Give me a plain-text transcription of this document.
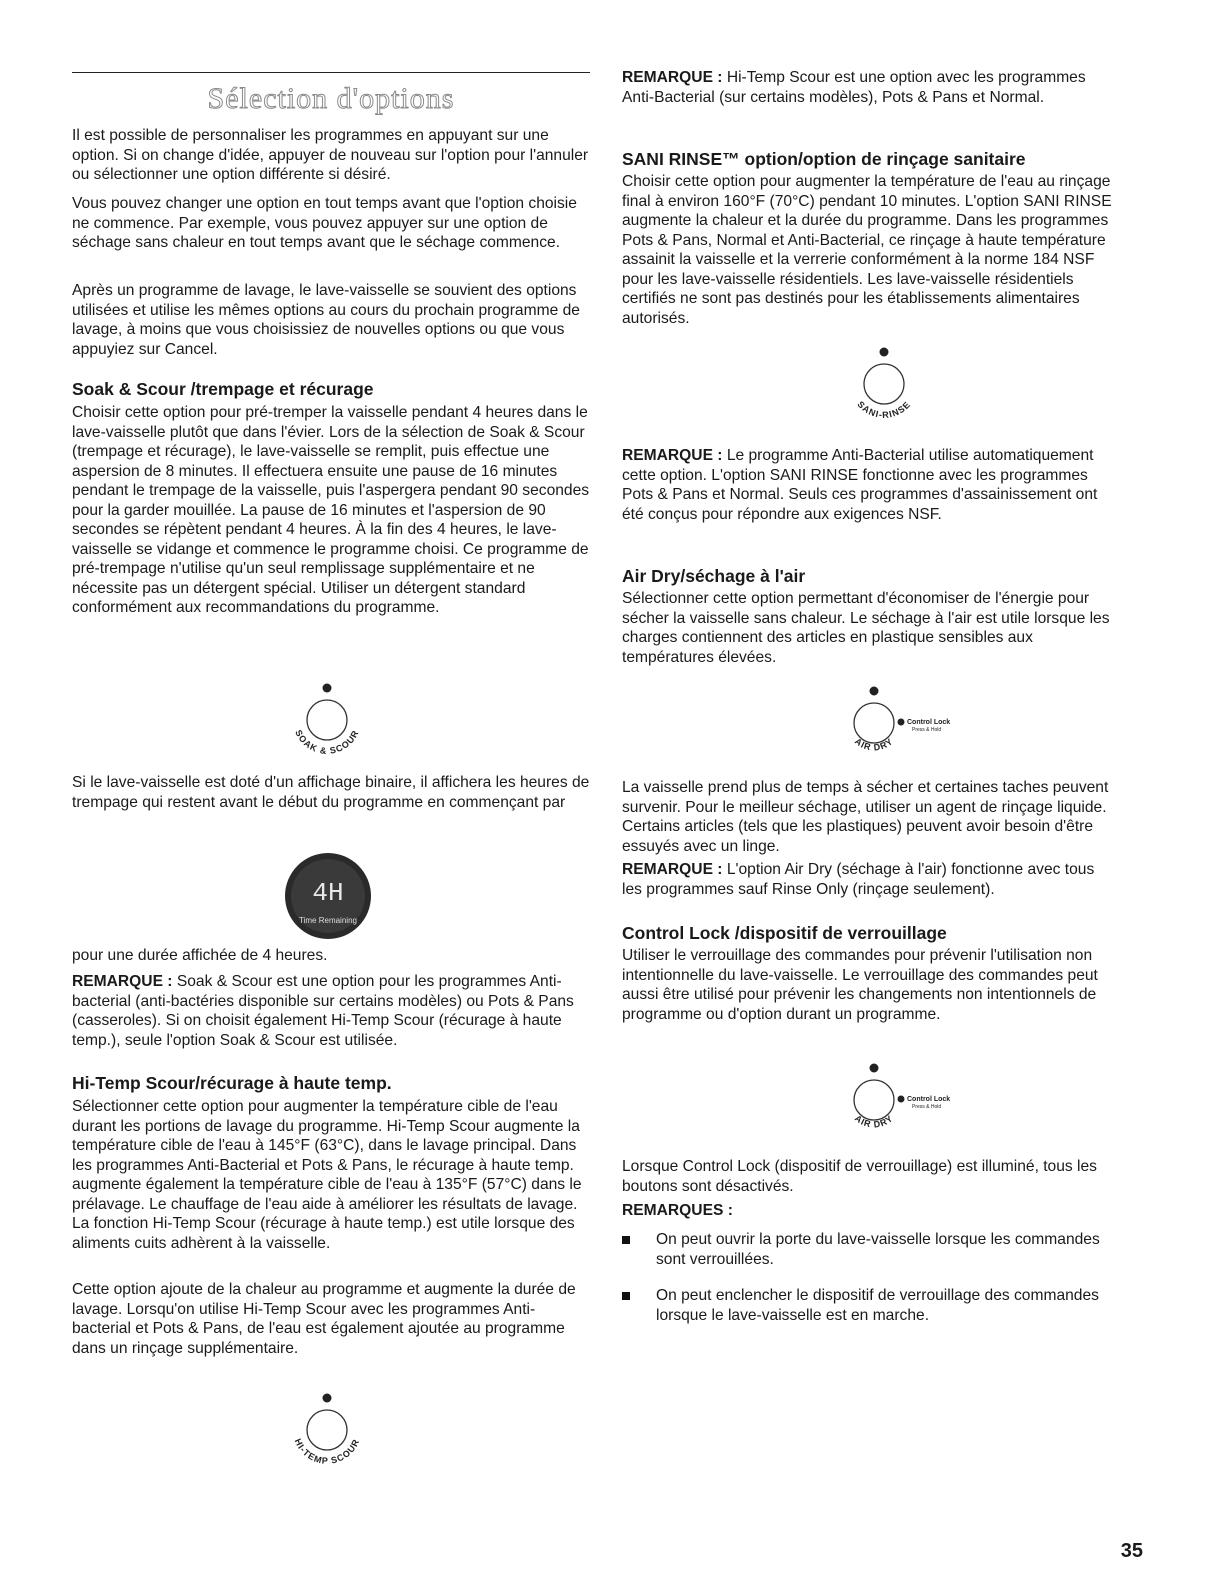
Sélection d'options

Il est possible de personnaliser les programmes en appuyant sur une option. Si on change d'idée, appuyer de nouveau sur l'option pour l'annuler ou sélectionner une option différente si désiré.

Vous pouvez changer une option en tout temps avant que l'option choisie ne commence. Par exemple, vous pouvez appuyer sur une option de séchage sans chaleur en tout temps avant que le séchage commence.

Après un programme de lavage, le lave-vaisselle se souvient des options utilisées et utilise les mêmes options au cours du prochain programme de lavage, à moins que vous choisissiez de nouvelles options ou que vous appuyiez sur Cancel.

Soak & Scour /trempage et récurage

Choisir cette option pour pré-tremper la vaisselle pendant 4 heures dans le lave-vaisselle plutôt que dans l'évier. Lors de la sélection de Soak & Scour (trempage et récurage), le lave-vaisselle se remplit, puis effectue une aspersion de 8 minutes. Il effectuera ensuite une pause de 16 minutes pendant le trempage de la vaisselle, puis l'aspergera pendant 90 secondes pour la garder mouillée. La pause de 16 minutes et l'aspersion de 90 secondes se répètent pendant 4 heures. À la fin des 4 heures, le lave-vaisselle se vidange et commence le programme choisi. Ce programme de pré-trempage n'utilise qu'un seul remplissage supplémentaire et ne nécessite pas un détergent spécial. Utiliser un détergent standard conformément aux recommandations du programme.

SOAK & SCOUR

Si le lave-vaisselle est doté d'un affichage binaire, il affichera les heures de trempage qui restent avant le début du programme en commençant par

4H
Time Remaining

pour une durée affichée de 4 heures.

REMARQUE : Soak & Scour est une option pour les programmes Anti-bacterial (anti-bactéries disponible sur certains modèles) ou Pots & Pans (casseroles). Si on choisit également Hi-Temp Scour (récurage à haute temp.), seule l'option Soak & Scour est utilisée.

Hi-Temp Scour/récurage à haute temp.

Sélectionner cette option pour augmenter la température cible de l'eau durant les portions de lavage du programme. Hi-Temp Scour augmente la température cible de l'eau à 145°F (63°C), dans le lavage principal. Dans les programmes Anti-Bacterial et Pots & Pans, le récurage à haute temp. augmente également la température cible de l'eau à 135°F (57°C) dans le prélavage. Le chauffage de l'eau aide à améliorer les résultats de lavage. La fonction Hi-Temp Scour (récurage à haute temp.) est utile lorsque des aliments cuits adhèrent à la vaisselle.

Cette option ajoute de la chaleur au programme et augmente la durée de lavage. Lorsqu'on utilise Hi-Temp Scour avec les programmes Anti-bacterial et Pots & Pans, de l'eau est également ajoutée au programme dans un rinçage supplémentaire.

HI-TEMP SCOUR

REMARQUE : Hi-Temp Scour est une option avec les programmes Anti-Bacterial (sur certains modèles), Pots & Pans et Normal.

SANI RINSE™ option/option de rinçage sanitaire

Choisir cette option pour augmenter la température de l'eau au rinçage final à environ 160°F (70°C) pendant 10 minutes. L'option SANI RINSE augmente la chaleur et la durée du programme. Dans les programmes Pots & Pans, Normal et Anti-Bacterial, ce rinçage à haute température assainit la vaisselle et la verrerie conformément à la norme 184 NSF pour les lave-vaisselle résidentiels. Les lave-vaisselle résidentiels certifiés ne sont pas destinés pour les établissements alimentaires autorisés.

SANI-RINSE

REMARQUE : Le programme Anti-Bacterial utilise automatiquement cette option. L'option SANI RINSE fonctionne avec les programmes Pots & Pans et Normal. Seuls ces programmes d'assainissement ont été conçus pour répondre aux exigences NSF.

Air Dry/séchage à l'air

Sélectionner cette option permettant d'économiser de l'énergie pour sécher la vaisselle sans chaleur. Le séchage à l'air est utile lorsque les charges contiennent des articles en plastique sensibles aux températures élevées.

AIR DRY
Control Lock
Press & Hold

La vaisselle prend plus de temps à sécher et certaines taches peuvent survenir. Pour le meilleur séchage, utiliser un agent de rinçage liquide. Certains articles (tels que les plastiques) peuvent avoir besoin d'être essuyés avec un linge.

REMARQUE : L'option Air Dry (séchage à l'air) fonctionne avec tous les programmes sauf Rinse Only (rinçage seulement).

Control Lock /dispositif de verrouillage

Utiliser le verrouillage des commandes pour prévenir l'utilisation non intentionnelle du lave-vaisselle. Le verrouillage des commandes peut aussi être utilisé pour prévenir les changements non intentionnels de programme ou d'option durant un programme.

AIR DRY
Control Lock
Press & Hold

Lorsque Control Lock (dispositif de verrouillage) est illuminé, tous les boutons sont désactivés.

REMARQUES :

On peut ouvrir la porte du lave-vaisselle lorsque les commandes sont verrouillées.
On peut enclencher le dispositif de verrouillage des commandes lorsque le lave-vaisselle est en marche.
35
